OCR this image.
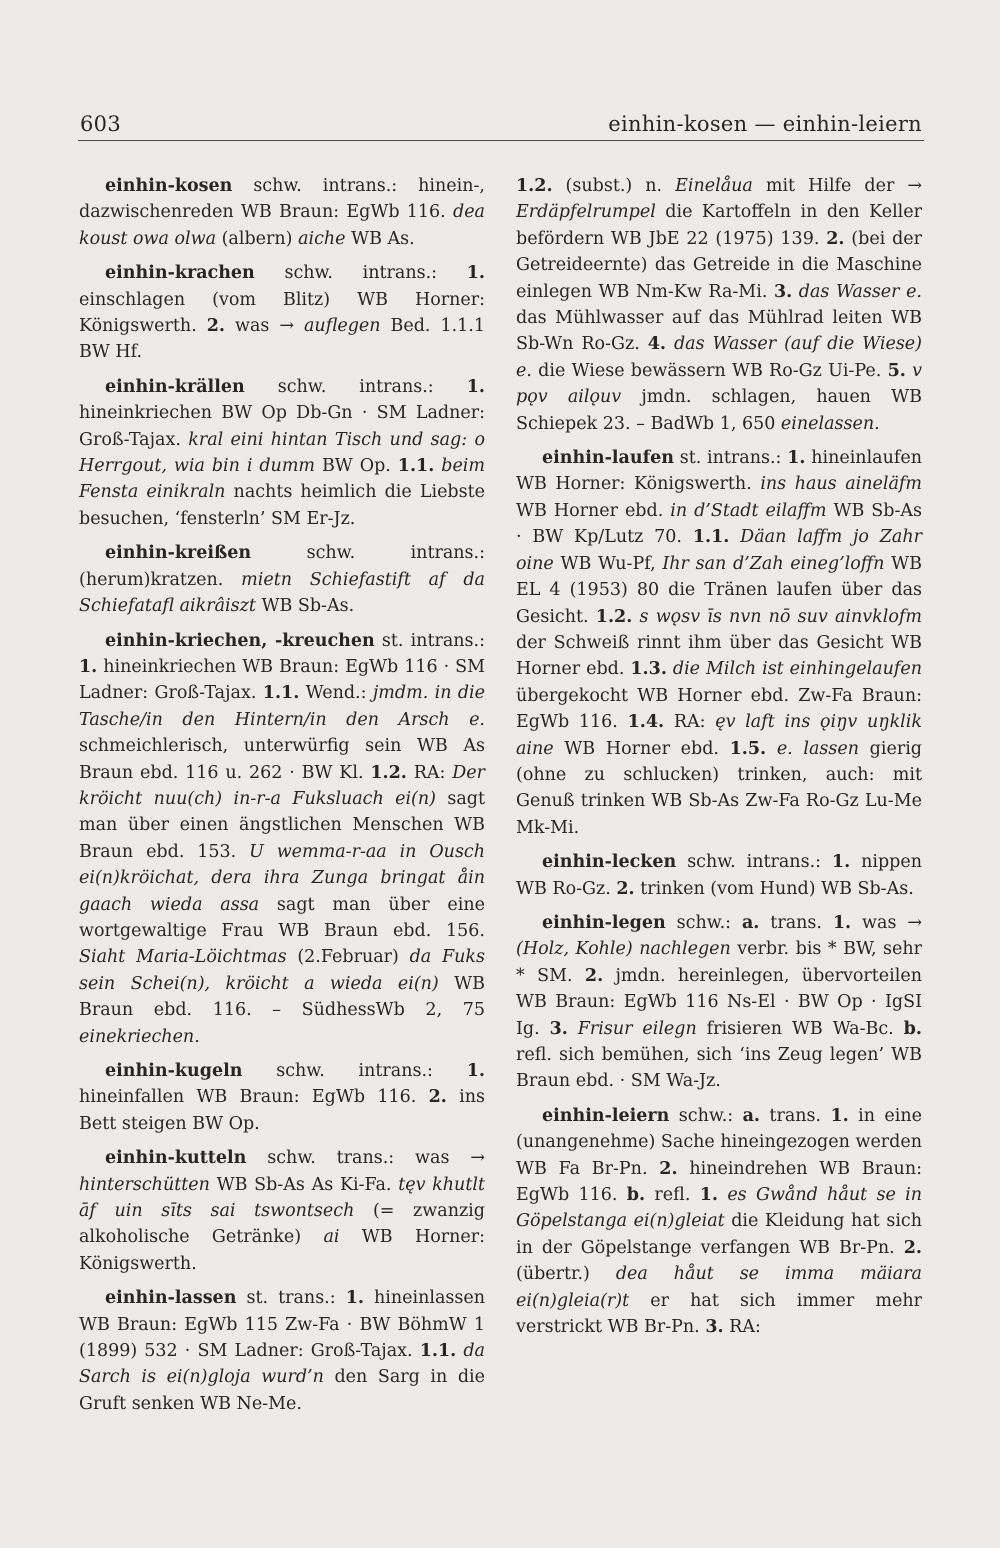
603	einhin-kosen — einhin-leiern

einhin-kosen schw. intrans.: hinein-, dazwischenreden WB Braun: EgWb 116. dea koust owa olwa (albern) aiche WB As.

einhin-krachen schw. intrans.: 1. einschlagen (vom Blitz) WB Horner: Königswerth. 2. was → auflegen Bed. 1.1.1 BW Hf.

einhin-krällen schw. intrans.: 1. hineinkriechen BW Op Db-Gn · SM Ladner: Groß-Tajax. kral eini hintan Tisch und sag: o Herrgout, wia bin i dumm BW Op. 1.1. beim Fensta einikraln nachts heimlich die Liebste besuchen, ‘fensterln’ SM Er-Jz.

einhin-kreißen	schw. intrans.: (herum)kratzen. mietn Schiefastift af da Schiefatafl aikrâiszt WB Sb-As.

einhin-kriechen, -kreuchen st. intrans.: 1. hineinkriechen WB Braun: EgWb 116 · SM Ladner: Groß-Tajax. 1.1. Wend.: jmdm. in die Tasche/in den Hintern/in den Arsch e. schmeichlerisch, unterwürfig sein WB As Braun ebd. 116 u. 262 · BW Kl. 1.2. RA: Der kröicht nuu(ch) in-r-a Fuksluach ei(n) sagt man über einen ängstlichen Menschen WB Braun ebd. 153. U wemma-r-aa in Ousch ei(n)kröichat, dera ihra Zunga bringat åin gaach wieda assa sagt man über eine wortgewaltige Frau WB Braun ebd. 156. Siaht Maria-Löichtmas (2.Februar) da Fuks sein Schei(n), kröicht a wieda ei(n) WB Braun ebd. 116. – SüdhessWb 2, 75 einekriechen.

einhin-kugeln schw. intrans.: 1. hineinfallen WB Braun: EgWb 116. 2. ins Bett steigen BW Op.

einhin-kutteln schw. trans.: was → hinterschütten WB Sb-As As Ki-Fa. tęv khutlt āf uin sīts sai tswontsech (= zwanzig alkoholische Getränke) ai WB Horner: Königswerth.

einhin-lassen st. trans.: 1. hineinlassen WB Braun: EgWb 115 Zw-Fa · BW BöhmW 1 (1899) 532 · SM Ladner: Groß-Tajax. 1.1. da Sarch is ei(n)gloja wurd’n den Sarg in die Gruft senken WB Ne-Me.

1.2. (subst.) n. Einelåua mit Hilfe der → Erdäpfelrumpel die Kartoffeln in den Keller befördern WB JbE 22 (1975) 139. 2. (bei der Getreideernte) das Getreide in die Maschine einlegen WB Nm-Kw Ra-Mi. 3. das Wasser e. das Mühlwasser auf das Mühlrad leiten WB Sb-Wn Ro-Gz. 4. das Wasser (auf die Wiese) e. die Wiese bewässern WB Ro-Gz Ui-Pe. 5. v pǫv ailǫuv jmdn. schlagen, hauen WB Schiepek 23. – BadWb 1, 650 einelassen.

einhin-laufen st. intrans.: 1. hineinlaufen WB Horner: Königswerth. ins haus aineläfm WB Horner ebd. in d’Stadt eilaffm WB Sb-As · BW Kp/Lutz 70. 1.1. Däan laffm jo Zahr oine WB Wu-Pf, Ihr san d’Zah eineg’loffn WB EL 4 (1953) 80 die Tränen laufen über das Gesicht. 1.2. s wǫsv īs nvn nō suv ainvklofm der Schweiß rinnt ihm über das Gesicht WB Horner ebd. 1.3. die Milch ist einhingelaufen übergekocht WB Horner ebd. Zw-Fa Braun: EgWb 116. 1.4. RA: ęv laft ins ǫiŋv uŋklik aine WB Horner ebd. 1.5. e. lassen gierig (ohne zu schlucken) trinken, auch: mit Genuß trinken WB Sb-As Zw-Fa Ro-Gz Lu-Me Mk-Mi.

einhin-lecken schw. intrans.: 1. nippen WB Ro-Gz. 2. trinken (vom Hund) WB Sb-As.

einhin-legen schw.: a. trans. 1. was → (Holz, Kohle) nachlegen verbr. bis * BW, sehr * SM. 2. jmdn. hereinlegen, übervorteilen WB Braun: EgWb 116 Ns-El · BW Op · IgSI Ig. 3. Frisur eilegn frisieren WB Wa-Bc. b. refl. sich bemühen, sich ‘ins Zeug legen’ WB Braun ebd. · SM Wa-Jz.

einhin-leiern schw.: a. trans. 1. in eine (unangenehme) Sache hineingezogen werden WB Fa Br-Pn. 2. hineindrehen WB Braun: EgWb 116. b. refl. 1. es Gwånd håut se in Göpelstanga ei(n)gleiat die Kleidung hat sich in der Göpelstange verfangen WB Br-Pn. 2. (übertr.) dea håut se imma mäiara ei(n)gleia(r)t er hat sich immer mehr verstrickt WB Br-Pn. 3. RA:
